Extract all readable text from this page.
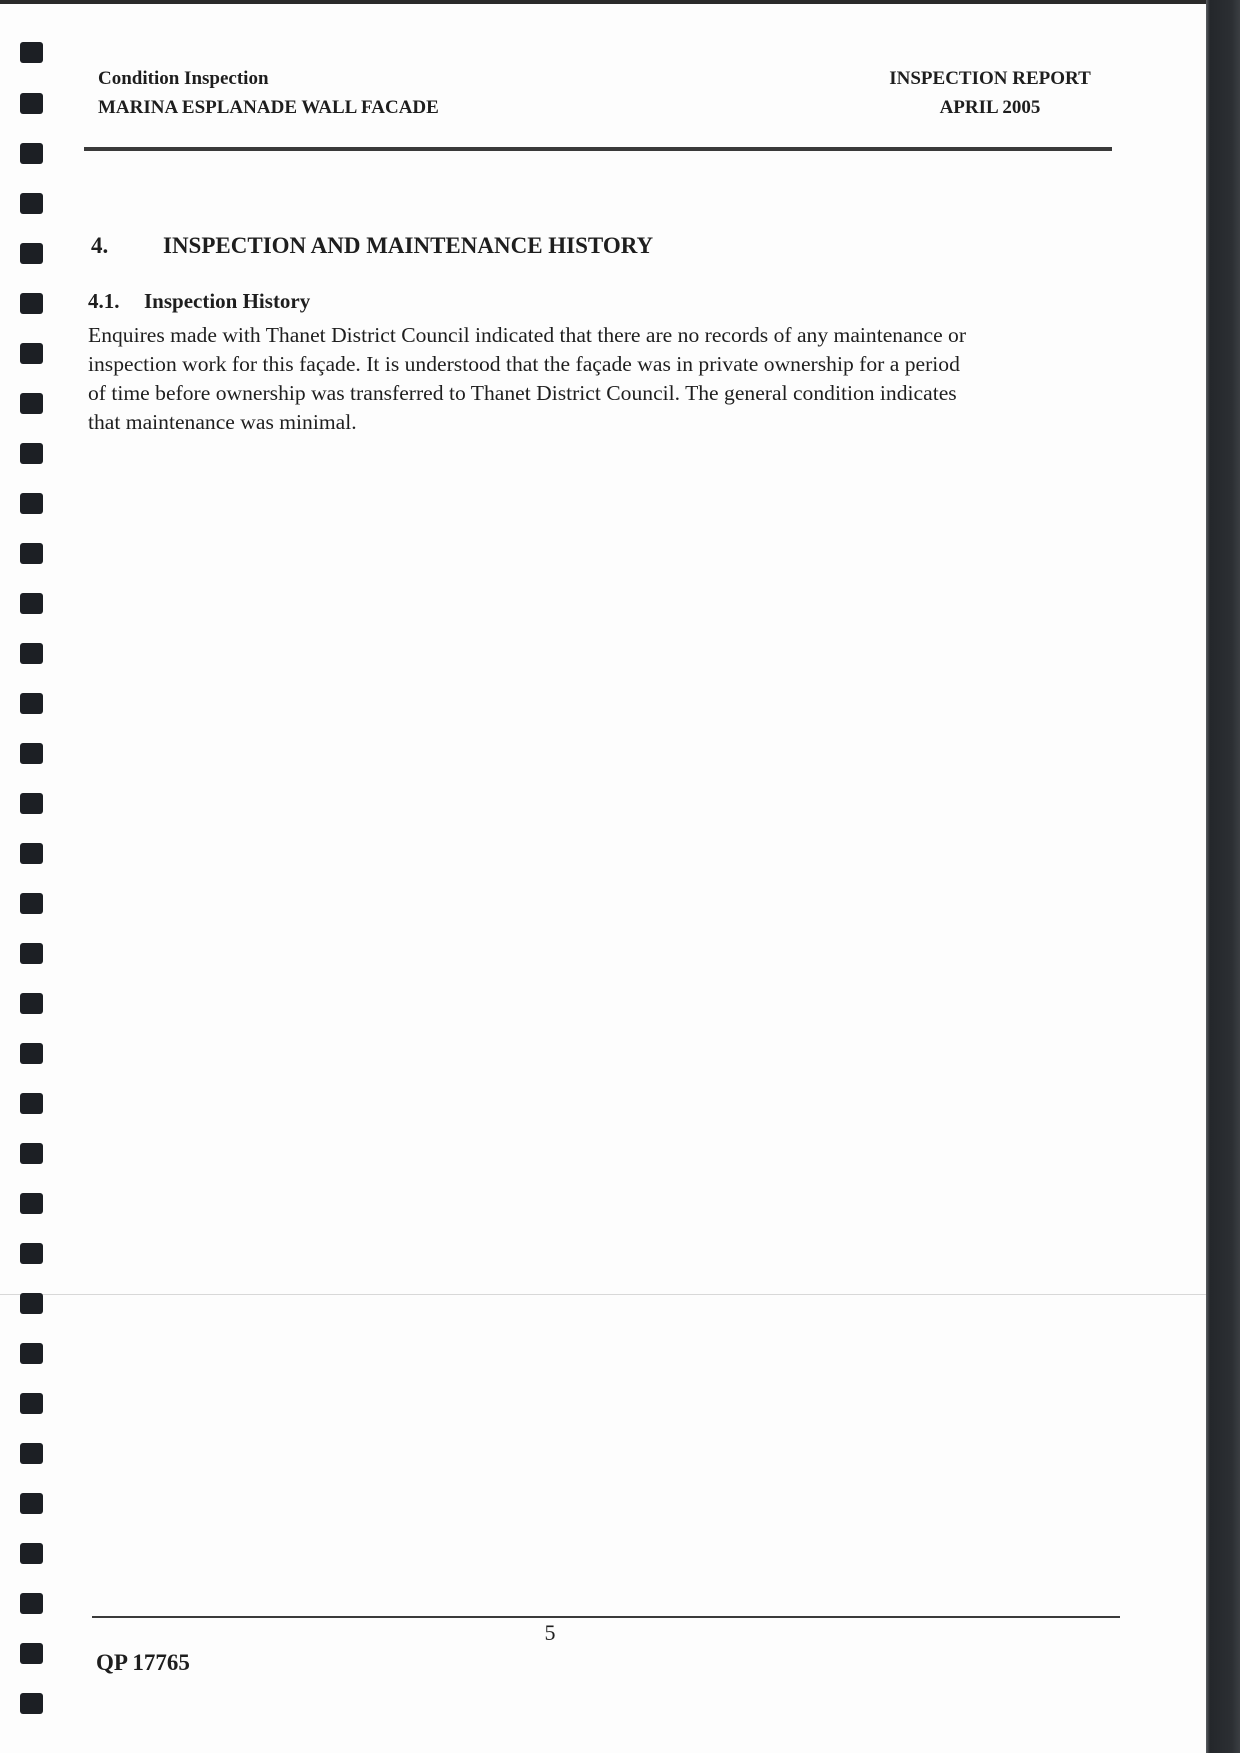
Condition Inspection
MARINA ESPLANADE WALL FACADE
INSPECTION REPORT
APRIL 2005
4. INSPECTION AND MAINTENANCE HISTORY
4.1. Inspection History
Enquires made with Thanet District Council indicated that there are no records of any maintenance or
inspection work for this façade. It is understood that the façade was in private ownership for a period
of time before ownership was transferred to Thanet District Council. The general condition indicates
that maintenance was minimal.
5
QP 17765
